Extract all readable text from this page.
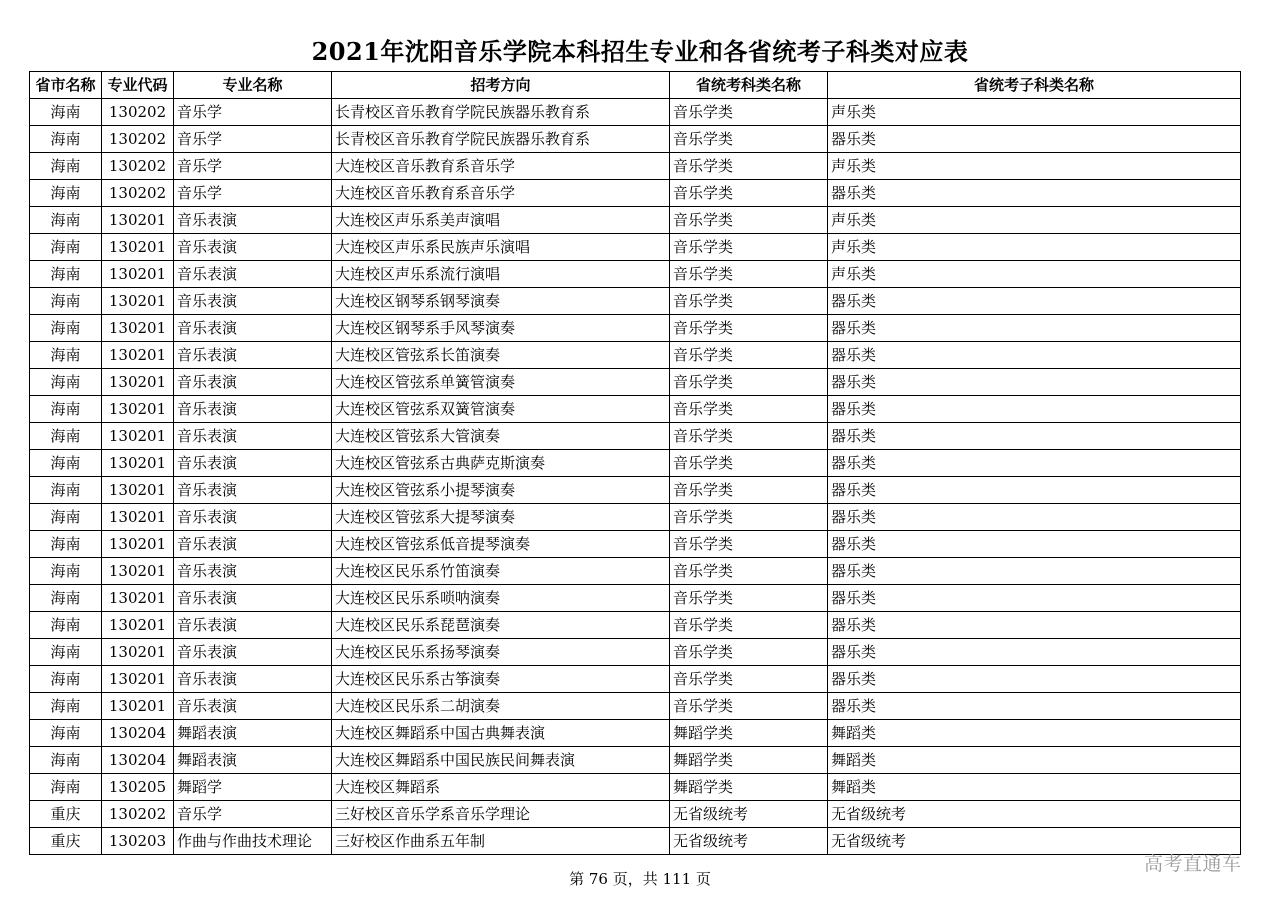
2021年沈阳音乐学院本科招生专业和各省统考子科类对应表
省市名称	专业代码	专业名称	招考方向	省统考科类名称	省统考子科类名称
海南	130202	音乐学	长青校区音乐教育学院民族器乐教育系	音乐学类	声乐类
海南	130202	音乐学	长青校区音乐教育学院民族器乐教育系	音乐学类	器乐类
海南	130202	音乐学	大连校区音乐教育系音乐学	音乐学类	声乐类
海南	130202	音乐学	大连校区音乐教育系音乐学	音乐学类	器乐类
海南	130201	音乐表演	大连校区声乐系美声演唱	音乐学类	声乐类
海南	130201	音乐表演	大连校区声乐系民族声乐演唱	音乐学类	声乐类
海南	130201	音乐表演	大连校区声乐系流行演唱	音乐学类	声乐类
海南	130201	音乐表演	大连校区钢琴系钢琴演奏	音乐学类	器乐类
海南	130201	音乐表演	大连校区钢琴系手风琴演奏	音乐学类	器乐类
海南	130201	音乐表演	大连校区管弦系长笛演奏	音乐学类	器乐类
海南	130201	音乐表演	大连校区管弦系单簧管演奏	音乐学类	器乐类
海南	130201	音乐表演	大连校区管弦系双簧管演奏	音乐学类	器乐类
海南	130201	音乐表演	大连校区管弦系大管演奏	音乐学类	器乐类
海南	130201	音乐表演	大连校区管弦系古典萨克斯演奏	音乐学类	器乐类
海南	130201	音乐表演	大连校区管弦系小提琴演奏	音乐学类	器乐类
海南	130201	音乐表演	大连校区管弦系大提琴演奏	音乐学类	器乐类
海南	130201	音乐表演	大连校区管弦系低音提琴演奏	音乐学类	器乐类
海南	130201	音乐表演	大连校区民乐系竹笛演奏	音乐学类	器乐类
海南	130201	音乐表演	大连校区民乐系唢呐演奏	音乐学类	器乐类
海南	130201	音乐表演	大连校区民乐系琵琶演奏	音乐学类	器乐类
海南	130201	音乐表演	大连校区民乐系扬琴演奏	音乐学类	器乐类
海南	130201	音乐表演	大连校区民乐系古筝演奏	音乐学类	器乐类
海南	130201	音乐表演	大连校区民乐系二胡演奏	音乐学类	器乐类
海南	130204	舞蹈表演	大连校区舞蹈系中国古典舞表演	舞蹈学类	舞蹈类
海南	130204	舞蹈表演	大连校区舞蹈系中国民族民间舞表演	舞蹈学类	舞蹈类
海南	130205	舞蹈学	大连校区舞蹈系	舞蹈学类	舞蹈类
重庆	130202	音乐学	三好校区音乐学系音乐学理论	无省级统考	无省级统考
重庆	130203	作曲与作曲技术理论	三好校区作曲系五年制	无省级统考	无省级统考
第 76 页，共 111 页
高考直通车
